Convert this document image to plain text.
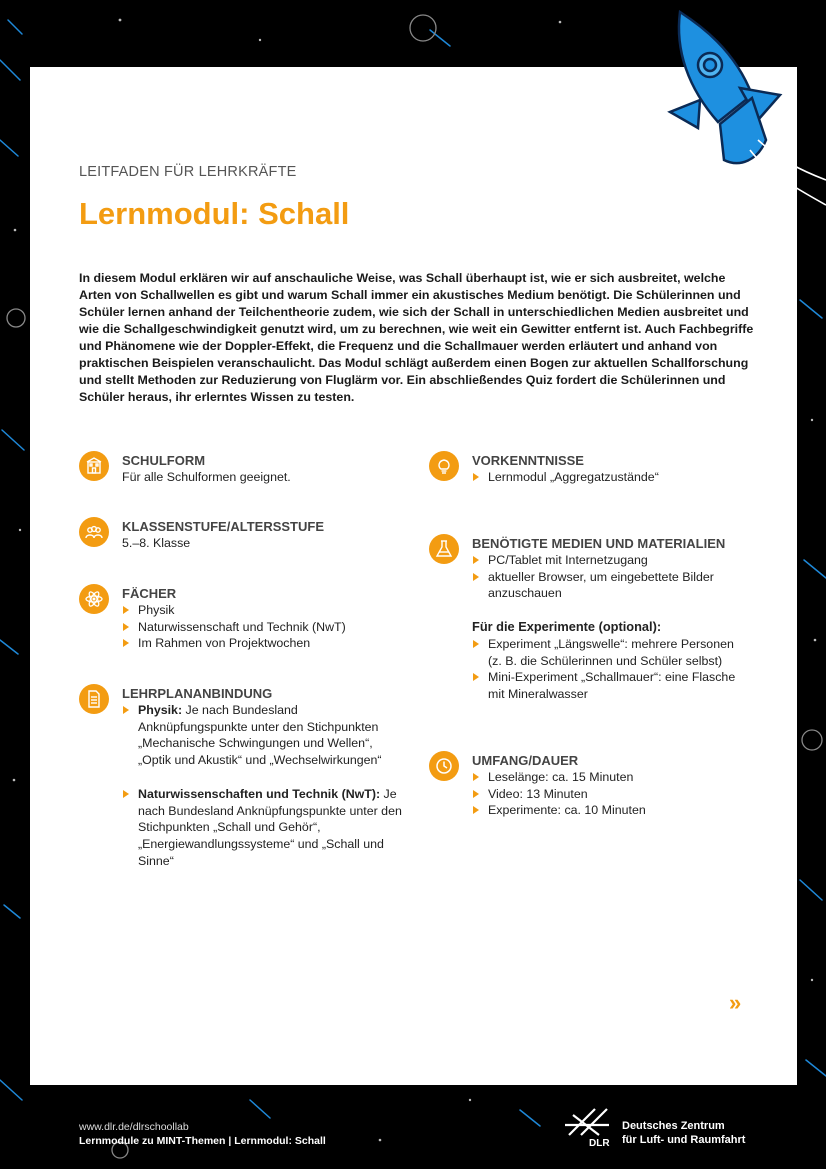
LEITFADEN FÜR LEHRKRÄFTE
Lernmodul: Schall

In diesem Modul erklären wir auf anschauliche Weise, was Schall überhaupt ist, wie er sich ausbreitet, welche Arten von Schallwellen es gibt und warum Schall immer ein akustisches Medium benötigt. Die Schülerinnen und Schüler lernen anhand der Teilchentheorie zudem, wie sich der Schall in unterschiedlichen Medien ausbreitet und wie die Schallgeschwindigkeit genutzt wird, um zu berechnen, wie weit ein Gewitter entfernt ist. Auch Fachbegriffe und Phänomene wie der Doppler-Effekt, die Frequenz und die Schallmauer werden erläutert und anhand von praktischen Beispielen veranschaulicht. Das Modul schlägt außerdem einen Bogen zur aktuellen Schallforschung und stellt Methoden zur Reduzierung von Fluglärm vor. Ein abschließendes Quiz fordert die Schülerinnen und Schüler heraus, ihr erlerntes Wissen zu testen.

SCHULFORM

Für alle Schulformen geeignet.

KLASSENSTUFE/ALTERSSTUFE

5.–8. Klasse

FÄCHER

Physik
Naturwissenschaft und Technik (NwT)
Im Rahmen von Projektwochen

LEHRPLANANBINDUNG

Physik: Je nach Bundesland Anknüpfungspunkte unter den Stichpunkten „Mechanische Schwingungen und Wellen“, „Optik und Akustik“ und „Wechselwirkungen“
Naturwissenschaften und Technik (NwT): Je nach Bundesland Anknüpfungspunkte unter den Stichpunkten „Schall und Gehör“, „Energiewandlungssysteme“ und „Schall und Sinne“

VORKENNTNISSE

Lernmodul „Aggregatzustände“

BENÖTIGTE MEDIEN UND MATERIALIEN

PC/Tablet mit Internetzugang
aktueller Browser, um eingebettete Bilder anzuschauen

Für die Experimente (optional):

Experiment „Längswelle“: mehrere Personen (z. B. die Schülerinnen und Schüler selbst)
Mini-Experiment „Schallmauer“: eine Flasche mit Mineralwasser

UMFANG/DAUER

Leselänge: ca. 15 Minuten
Video: 13 Minuten
Experimente: ca. 10 Minuten
»
www.dlr.de/dlrschoollab
Lernmodule zu MINT-Themen | Lernmodul: Schall	DLR
Deutsches Zentrum
für Luft- und Raumfahrt
